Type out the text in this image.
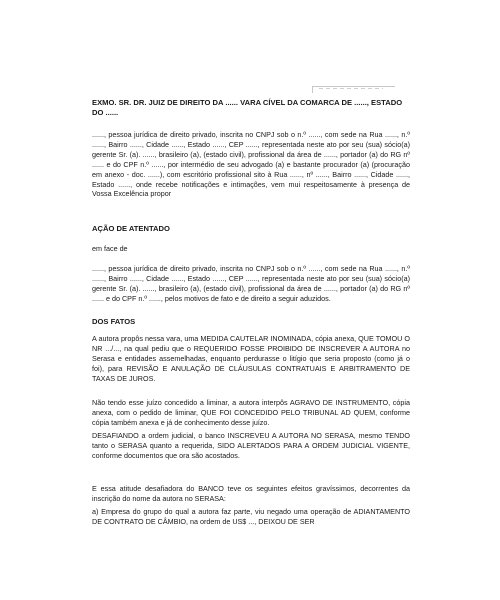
EXMO. SR. DR. JUIZ DE DIREITO DA ...... VARA CÍVEL DA COMARCA DE ......, ESTADO DO ......

......, pessoa jurídica de direito privado, inscrita no CNPJ sob o n.º ......, com sede na Rua ......, n.º ......, Bairro ......, Cidade ......, Estado ......, CEP ......, representada neste ato por seu (sua) sócio(a) gerente Sr. (a). ......, brasileiro (a), (estado civil), profissional da área de ......, portador (a) do RG nº ...... e do CPF n.º ......, por intermédio de seu advogado (a) e bastante procurador (a) (procuração em anexo - doc. ......), com escritório profissional sito à Rua ......, nº ......, Bairro ......, Cidade ......, Estado ......, onde recebe notificações e intimações, vem mui respeitosamente à presença de Vossa Excelência propor

AÇÃO DE ATENTADO

em face de

......, pessoa jurídica de direito privado, inscrita no CNPJ sob o n.º ......, com sede na Rua ......, n.º ......, Bairro ......, Cidade ......, Estado ......, CEP ......, representada neste ato por seu (sua) sócio(a) gerente Sr. (a). ......, brasileiro (a), (estado civil), profissional da área de ......, portador (a) do RG nº ...... e do CPF n.º ......, pelos motivos de fato e de direito a seguir aduzidos.

DOS FATOS

A autora propôs nessa vara, uma MEDIDA CAUTELAR INOMINADA, cópia anexa, QUE TOMOU O NR .../..., na qual pediu que o REQUERIDO FOSSE PROIBIDO DE INSCREVER A AUTORA no Serasa e entidades assemelhadas, enquanto perdurasse o litígio que seria proposto (como já o foi), para REVISÃO E ANULAÇÃO DE CLÁUSULAS CONTRATUAIS E ARBITRAMENTO DE TAXAS DE JUROS.

Não tendo esse juízo concedido a liminar, a autora interpôs AGRAVO DE INSTRUMENTO, cópia anexa, com o pedido de liminar, QUE FOI CONCEDIDO PELO TRIBUNAL AD QUEM, conforme cópia também anexa e já de conhecimento desse juízo.

DESAFIANDO a ordem judicial, o banco INSCREVEU A AUTORA NO SERASA, mesmo TENDO tanto o SERASA quanto a requerida, SIDO ALERTADOS PARA A ORDEM JUDICIAL VIGENTE, conforme documentos que ora são acostados.

E essa atitude desafiadora do BANCO teve os seguintes efeitos gravíssimos, decorrentes da inscrição do nome da autora no SERASA:

a) Empresa do grupo do qual a autora faz parte, viu negado uma operação de ADIANTAMENTO DE CONTRATO DE CÂMBIO, na ordem de US$ ..., DEIXOU DE SER
